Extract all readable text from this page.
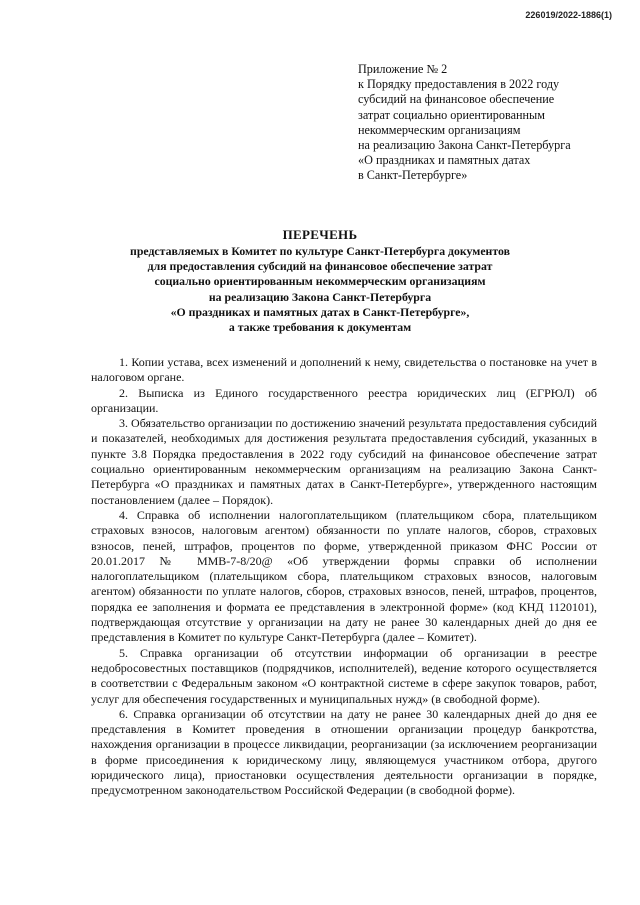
226019/2022-1886(1)
Приложение № 2
к Порядку предоставления в 2022 году
субсидий на финансовое обеспечение
затрат социально ориентированным
некоммерческим организациям
на реализацию Закона Санкт-Петербурга
«О праздниках и памятных датах
в Санкт-Петербурге»
ПЕРЕЧЕНЬ
представляемых в Комитет по культуре Санкт-Петербурга документов
для предоставления субсидий на финансовое обеспечение затрат
социально ориентированным некоммерческим организациям
на реализацию Закона Санкт-Петербурга
«О праздниках и памятных датах в Санкт-Петербурге»,
а также требования к документам

1. Копии устава, всех изменений и дополнений к нему, свидетельства о постановке на учет в налоговом органе.

2. Выписка из Единого государственного реестра юридических лиц (ЕГРЮЛ) об организации.

3. Обязательство организации по достижению значений результата предоставления субсидий и показателей, необходимых для достижения результата предоставления субсидий, указанных в пункте 3.8 Порядка предоставления в 2022 году субсидий на финансовое обеспечение затрат социально ориентированным некоммерческим организациям на реализацию Закона Санкт-Петербурга «О праздниках и памятных датах в Санкт-Петербурге», утвержденного настоящим постановлением (далее – Порядок).

4. Справка об исполнении налогоплательщиком (плательщиком сбора, плательщиком страховых взносов, налоговым агентом) обязанности по уплате налогов, сборов, страховых взносов, пеней, штрафов, процентов по форме, утвержденной приказом ФНС России от 20.01.2017 № ММВ-7-8/20@ «Об утверждении формы справки об исполнении налогоплательщиком (плательщиком сбора, плательщиком страховых взносов, налоговым агентом) обязанности по уплате налогов, сборов, страховых взносов, пеней, штрафов, процентов, порядка ее заполнения и формата ее представления в электронной форме» (код КНД 1120101), подтверждающая отсутствие у организации на дату не ранее 30 календарных дней до дня ее представления в Комитет по культуре Санкт-Петербурга (далее – Комитет).

5. Справка организации об отсутствии информации об организации в реестре недобросовестных поставщиков (подрядчиков, исполнителей), ведение которого осуществляется в соответствии с Федеральным законом «О контрактной системе в сфере закупок товаров, работ, услуг для обеспечения государственных и муниципальных нужд» (в свободной форме).

6. Справка организации об отсутствии на дату не ранее 30 календарных дней до дня ее представления в Комитет проведения в отношении организации процедур банкротства, нахождения организации в процессе ликвидации, реорганизации (за исключением реорганизации в форме присоединения к юридическому лицу, являющемуся участником отбора, другого юридического лица), приостановки осуществления деятельности организации в порядке, предусмотренном законодательством Российской Федерации (в свободной форме).
